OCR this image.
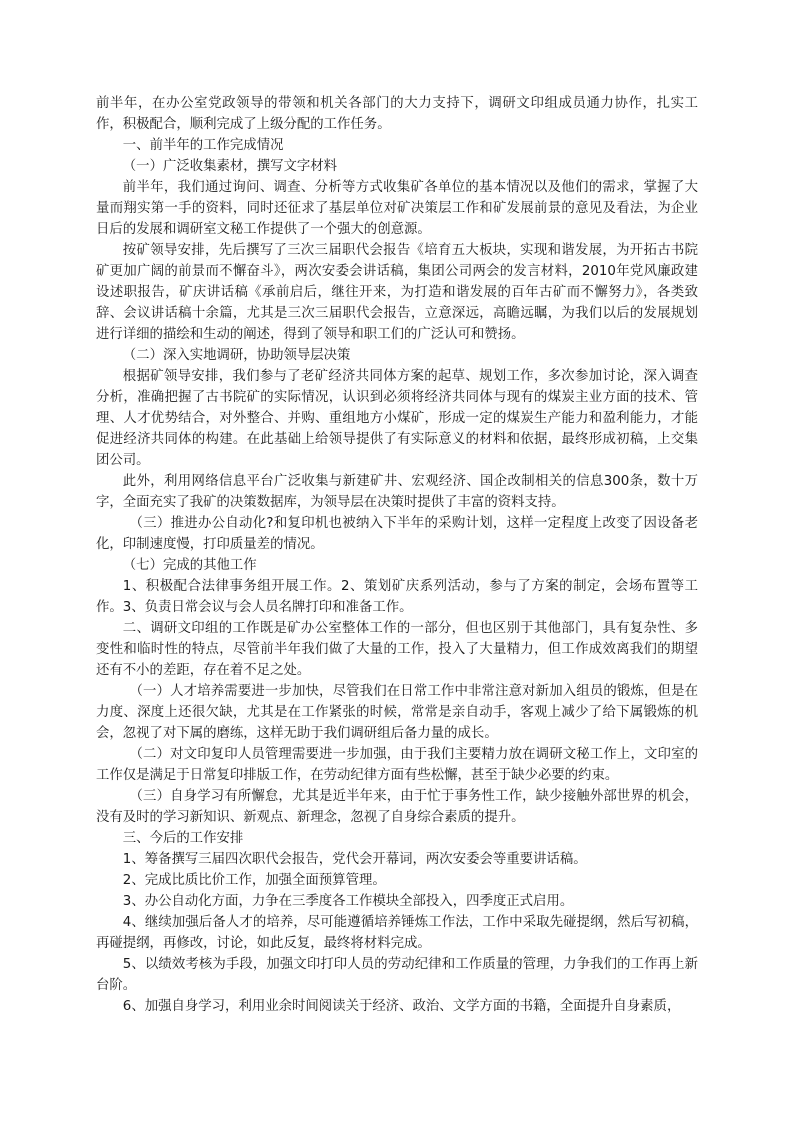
前半年，在办公室党政领导的带领和机关各部门的大力支持下，调研文印组成员通力协作，扎实工作，积极配合，顺利完成了上级分配的工作任务。

一、前半年的工作完成情况

（一）广泛收集素材，撰写文字材料

前半年，我们通过询问、调查、分析等方式收集矿各单位的基本情况以及他们的需求，掌握了大量而翔实第一手的资料，同时还征求了基层单位对矿决策层工作和矿发展前景的意见及看法，为企业日后的发展和调研室文秘工作提供了一个强大的创意源。

按矿领导安排，先后撰写了三次三届职代会报告《培育五大板块，实现和谐发展，为开拓古书院矿更加广阔的前景而不懈奋斗》，两次安委会讲话稿，集团公司两会的发言材料，2010年党风廉政建设述职报告，矿庆讲话稿《承前启后，继往开来，为打造和谐发展的百年古矿而不懈努力》，各类致辞、会议讲话稿十余篇，尤其是三次三届职代会报告，立意深远，高瞻远瞩，为我们以后的发展规划进行详细的描绘和生动的阐述，得到了领导和职工们的广泛认可和赞扬。

（二）深入实地调研，协助领导层决策

根据矿领导安排，我们参与了老矿经济共同体方案的起草、规划工作，多次参加讨论，深入调查分析，准确把握了古书院矿的实际情况，认识到必须将经济共同体与现有的煤炭主业方面的技术、管理、人才优势结合，对外整合、并购、重组地方小煤矿，形成一定的煤炭生产能力和盈利能力，才能促进经济共同体的构建。在此基础上给领导提供了有实际意义的材料和依据，最终形成初稿，上交集团公司。

此外，利用网络信息平台广泛收集与新建矿井、宏观经济、国企改制相关的信息300条，数十万字，全面充实了我矿的决策数据库，为领导层在决策时提供了丰富的资料支持。

（三）推进办公自动化?和复印机也被纳入下半年的采购计划，这样一定程度上改变了因设备老化，印制速度慢，打印质量差的情况。

（七）完成的其他工作

1、积极配合法律事务组开展工作。2、策划矿庆系列活动，参与了方案的制定，会场布置等工作。3、负责日常会议与会人员名牌打印和准备工作。

二、调研文印组的工作既是矿办公室整体工作的一部分，但也区别于其他部门，具有复杂性、多变性和临时性的特点，尽管前半年我们做了大量的工作，投入了大量精力，但工作成效离我们的期望还有不小的差距，存在着不足之处。

（一）人才培养需要进一步加快，尽管我们在日常工作中非常注意对新加入组员的锻炼，但是在力度、深度上还很欠缺，尤其是在工作紧张的时候，常常是亲自动手，客观上减少了给下属锻炼的机会，忽视了对下属的磨练，这样无助于我们调研组后备力量的成长。

（二）对文印复印人员管理需要进一步加强，由于我们主要精力放在调研文秘工作上，文印室的工作仅是满足于日常复印排版工作，在劳动纪律方面有些松懈，甚至于缺少必要的约束。

（三）自身学习有所懈怠，尤其是近半年来，由于忙于事务性工作，缺少接触外部世界的机会，没有及时的学习新知识、新观点、新理念，忽视了自身综合素质的提升。

三、今后的工作安排

1、筹备撰写三届四次职代会报告，党代会开幕词，两次安委会等重要讲话稿。

2、完成比质比价工作，加强全面预算管理。

3、办公自动化方面，力争在三季度各工作模块全部投入，四季度正式启用。

4、继续加强后备人才的培养，尽可能遵循培养锤炼工作法，工作中采取先碰提纲，然后写初稿，再碰提纲，再修改，讨论，如此反复，最终将材料完成。

5、以绩效考核为手段，加强文印打印人员的劳动纪律和工作质量的管理，力争我们的工作再上新台阶。

6、加强自身学习，利用业余时间阅读关于经济、政治、文学方面的书籍，全面提升自身素质，
